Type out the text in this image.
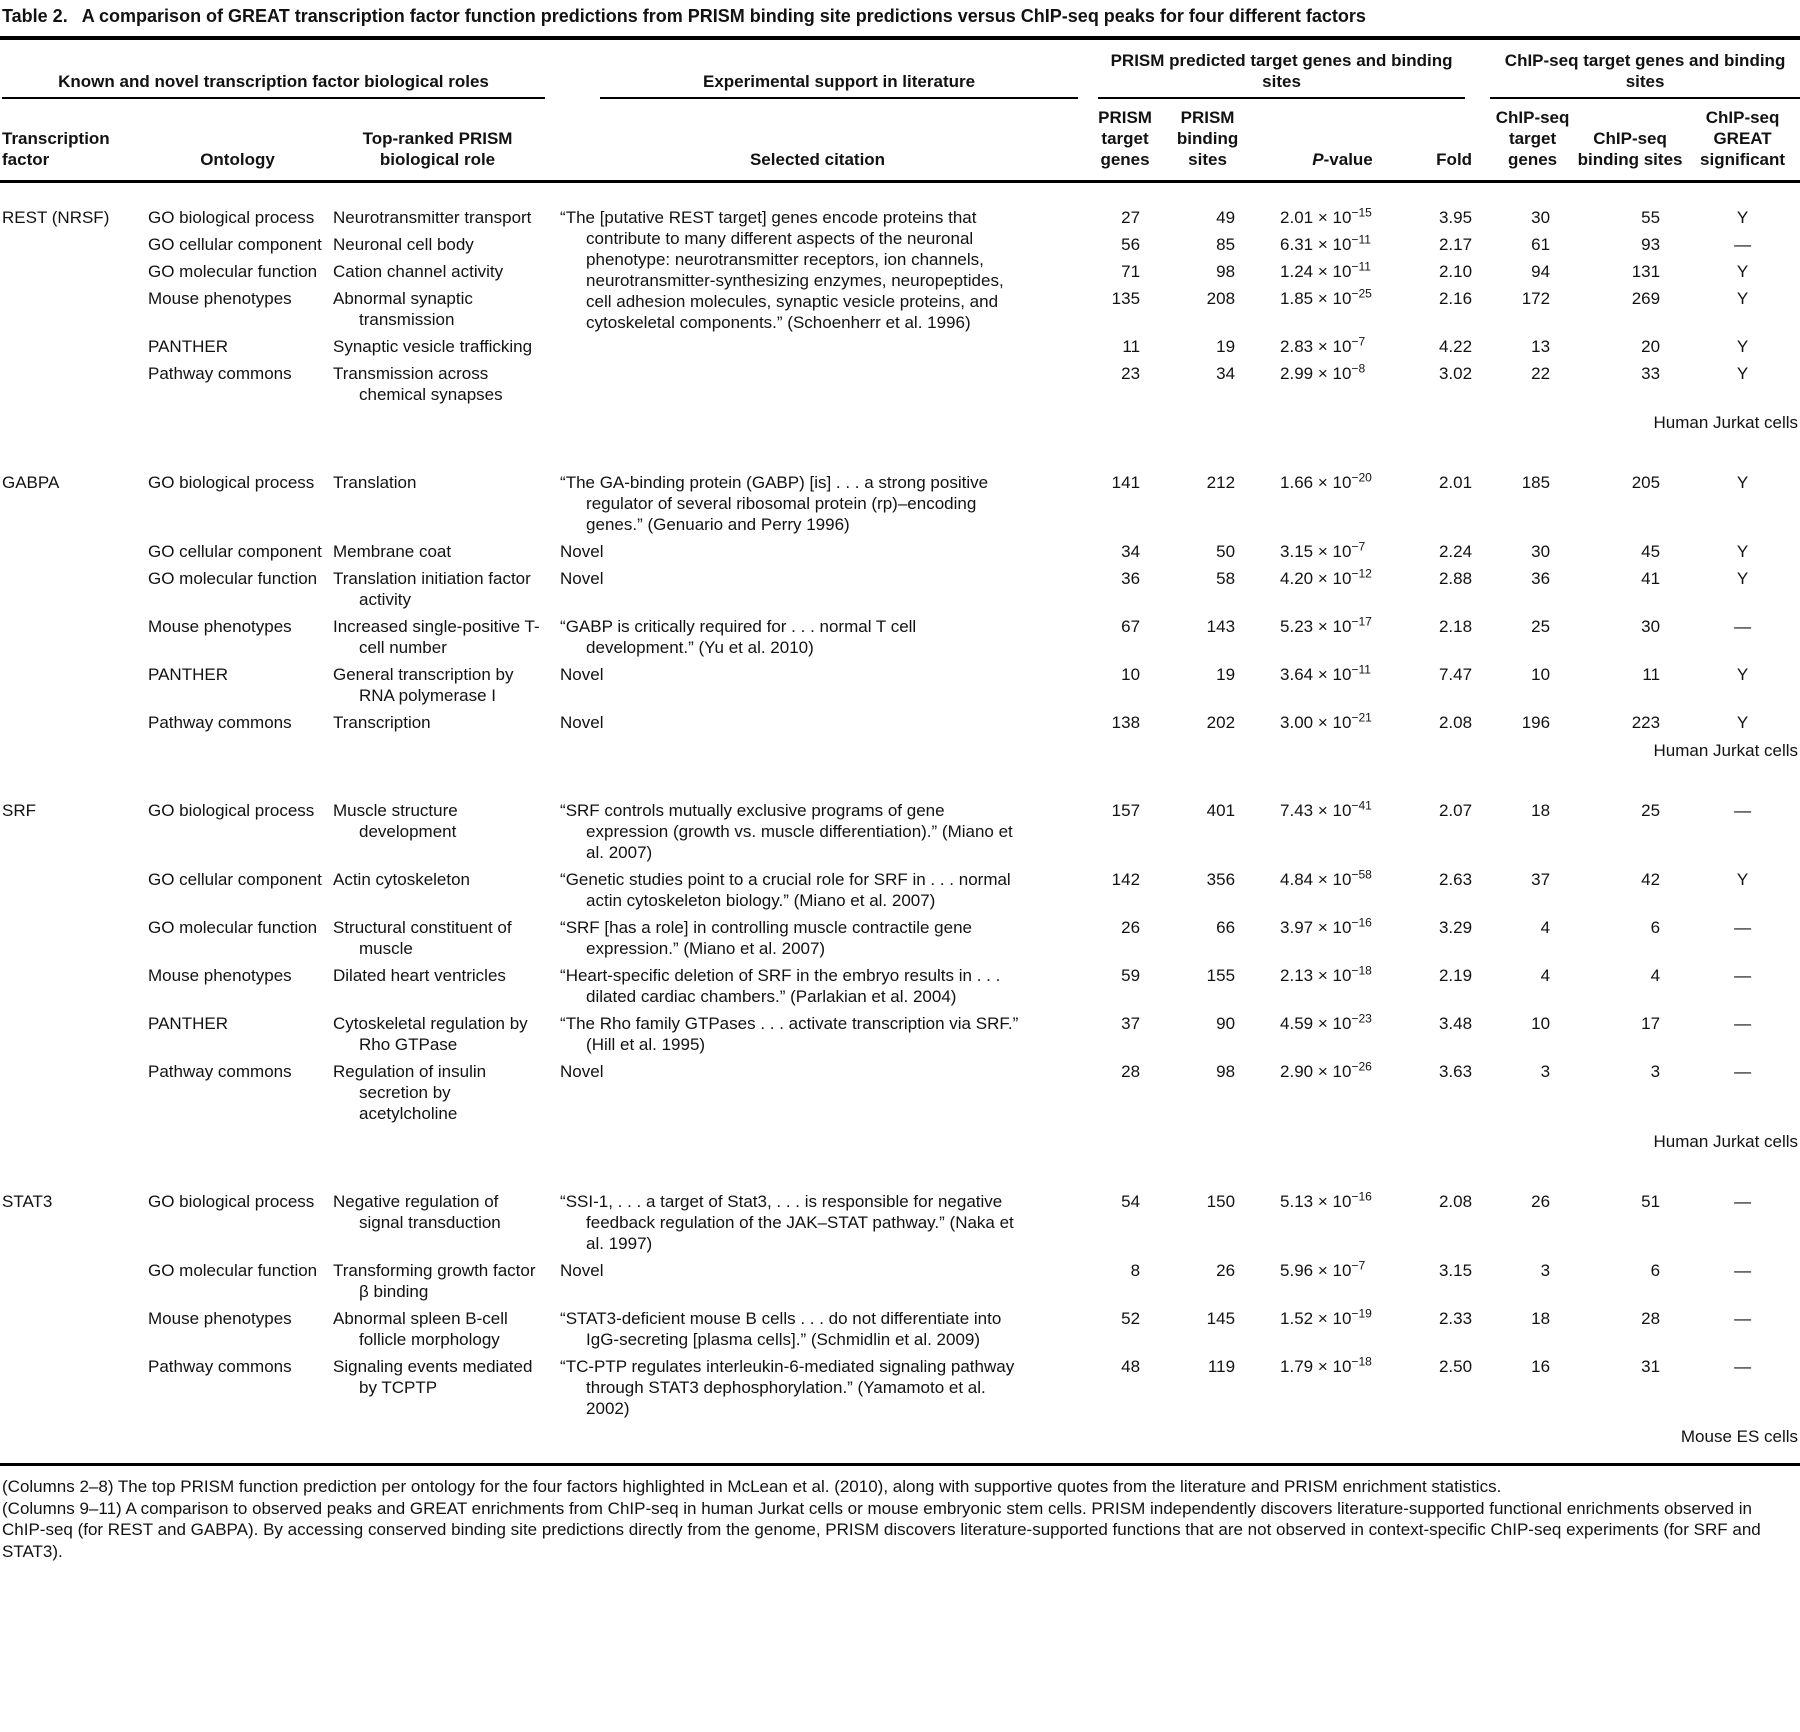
Table 2. A comparison of GREAT transcription factor function predictions from PRISM binding site predictions versus ChIP-seq peaks for four different factors
Known and novel transcription factor biological roles			Experimental support in literature	PRISM predicted target genes and binding sites				ChIP-seq target genes and binding sites		

Transcription factor	Ontology	Top-ranked PRISM biological role	Selected citation	PRISM target genes	PRISM binding sites	P-value	Fold	ChIP-seq target genes	ChIP-seq binding sites	ChIP-seq GREAT significant
REST (NRSF)	GO biological process	Neurotransmitter transport	“The [putative REST target] genes encode proteins that contribute to many different aspects of the neuronal phenotype: neurotransmitter receptors, ion channels, neurotransmitter-synthesizing enzymes, neuropeptides, cell adhesion molecules, synaptic vesicle proteins, and cytoskeletal components.” (Schoenherr et al. 1996)	27	49	$2.01 \times 10^{-15}$	3.95	30	55	Y
	GO cellular component	Neuronal cell body		56	85	$6.31 \times 10^{-11}$	2.17	61	93	—
	GO molecular function	Cation channel activity		71	98	$1.24 \times 10^{-11}$	2.10	94	131	Y
	Mouse phenotypes	Abnormal synaptic transmission		135	208	$1.85 \times 10^{-25}$	2.16	172	269	Y
	PANTHER	Synaptic vesicle trafficking		11	19	$2.83 \times 10^{-7}$	4.22	13	20	Y
	Pathway commons	Transmission across chemical synapses		23	34	$2.99 \times 10^{-8}$	3.02	22	33	Y
Human Jurkat cells										
GABPA	GO biological process	Translation	“The GA-binding protein (GABP) [is] . . . a strong positive regulator of several ribosomal protein (rp)–encoding genes.” (Genuario and Perry 1996)	141	212	$1.66 \times 10^{-20}$	2.01	185	205	Y
	GO cellular component	Membrane coat	Novel	34	50	$3.15 \times 10^{-7}$	2.24	30	45	Y
	GO molecular function	Translation initiation factor activity	Novel	36	58	$4.20 \times 10^{-12}$	2.88	36	41	Y
	Mouse phenotypes	Increased single-positive T-cell number	“GABP is critically required for . . . normal T cell development.” (Yu et al. 2010)	67	143	$5.23 \times 10^{-17}$	2.18	25	30	—
	PANTHER	General transcription by RNA polymerase I	Novel	10	19	$3.64 \times 10^{-11}$	7.47	10	11	Y
	Pathway commons	Transcription	Novel	138	202	$3.00 \times 10^{-21}$	2.08	196	223	Y
Human Jurkat cells										
SRF	GO biological process	Muscle structure development	“SRF controls mutually exclusive programs of gene expression (growth vs. muscle differentiation).” (Miano et al. 2007)	157	401	$7.43 \times 10^{-41}$	2.07	18	25	—
	GO cellular component	Actin cytoskeleton	“Genetic studies point to a crucial role for SRF in . . . normal actin cytoskeleton biology.” (Miano et al. 2007)	142	356	$4.84 \times 10^{-58}$	2.63	37	42	Y
	GO molecular function	Structural constituent of muscle	“SRF [has a role] in controlling muscle contractile gene expression.” (Miano et al. 2007)	26	66	$3.97 \times 10^{-16}$	3.29	4	6	—
	Mouse phenotypes	Dilated heart ventricles	“Heart-specific deletion of SRF in the embryo results in . . . dilated cardiac chambers.” (Parlakian et al. 2004)	59	155	$2.13 \times 10^{-18}$	2.19	4	4	—
	PANTHER	Cytoskeletal regulation by Rho GTPase	“The Rho family GTPases . . . activate transcription via SRF.” (Hill et al. 1995)	37	90	$4.59 \times 10^{-23}$	3.48	10	17	—
	Pathway commons	Regulation of insulin secretion by acetylcholine	Novel	28	98	$2.90 \times 10^{-26}$	3.63	3	3	—
Human Jurkat cells										
STAT3	GO biological process	Negative regulation of signal transduction	“SSI-1, . . . a target of Stat3, . . . is responsible for negative feedback regulation of the JAK–STAT pathway.” (Naka et al. 1997)	54	150	$5.13 \times 10^{-16}$	2.08	26	51	—
	GO molecular function	Transforming growth factor β binding	Novel	8	26	$5.96 \times 10^{-7}$	3.15	3	6	—
	Mouse phenotypes	Abnormal spleen B-cell follicle morphology	“STAT3-deficient mouse B cells . . . do not differentiate into IgG-secreting [plasma cells].” (Schmidlin et al. 2009)	52	145	$1.52 \times 10^{-19}$	2.33	18	28	—
	Pathway commons	Signaling events mediated by TCPTP	“TC-PTP regulates interleukin-6-mediated signaling pathway through STAT3 dephosphorylation.” (Yamamoto et al. 2002)	48	119	$1.79 \times 10^{-18}$	2.50	16	31	—
Mouse ES cells										

(Columns 2–8) The top PRISM function prediction per ontology for the four factors highlighted in McLean et al. (2010), along with supportive quotes from the literature and PRISM enrichment statistics.

(Columns 9–11) A comparison to observed peaks and GREAT enrichments from ChIP-seq in human Jurkat cells or mouse embryonic stem cells. PRISM independently discovers literature-supported functional enrichments observed in ChIP-seq (for REST and GABPA). By accessing conserved binding site predictions directly from the genome, PRISM discovers literature-supported functions that are not observed in context-specific ChIP-seq experiments (for SRF and STAT3).
